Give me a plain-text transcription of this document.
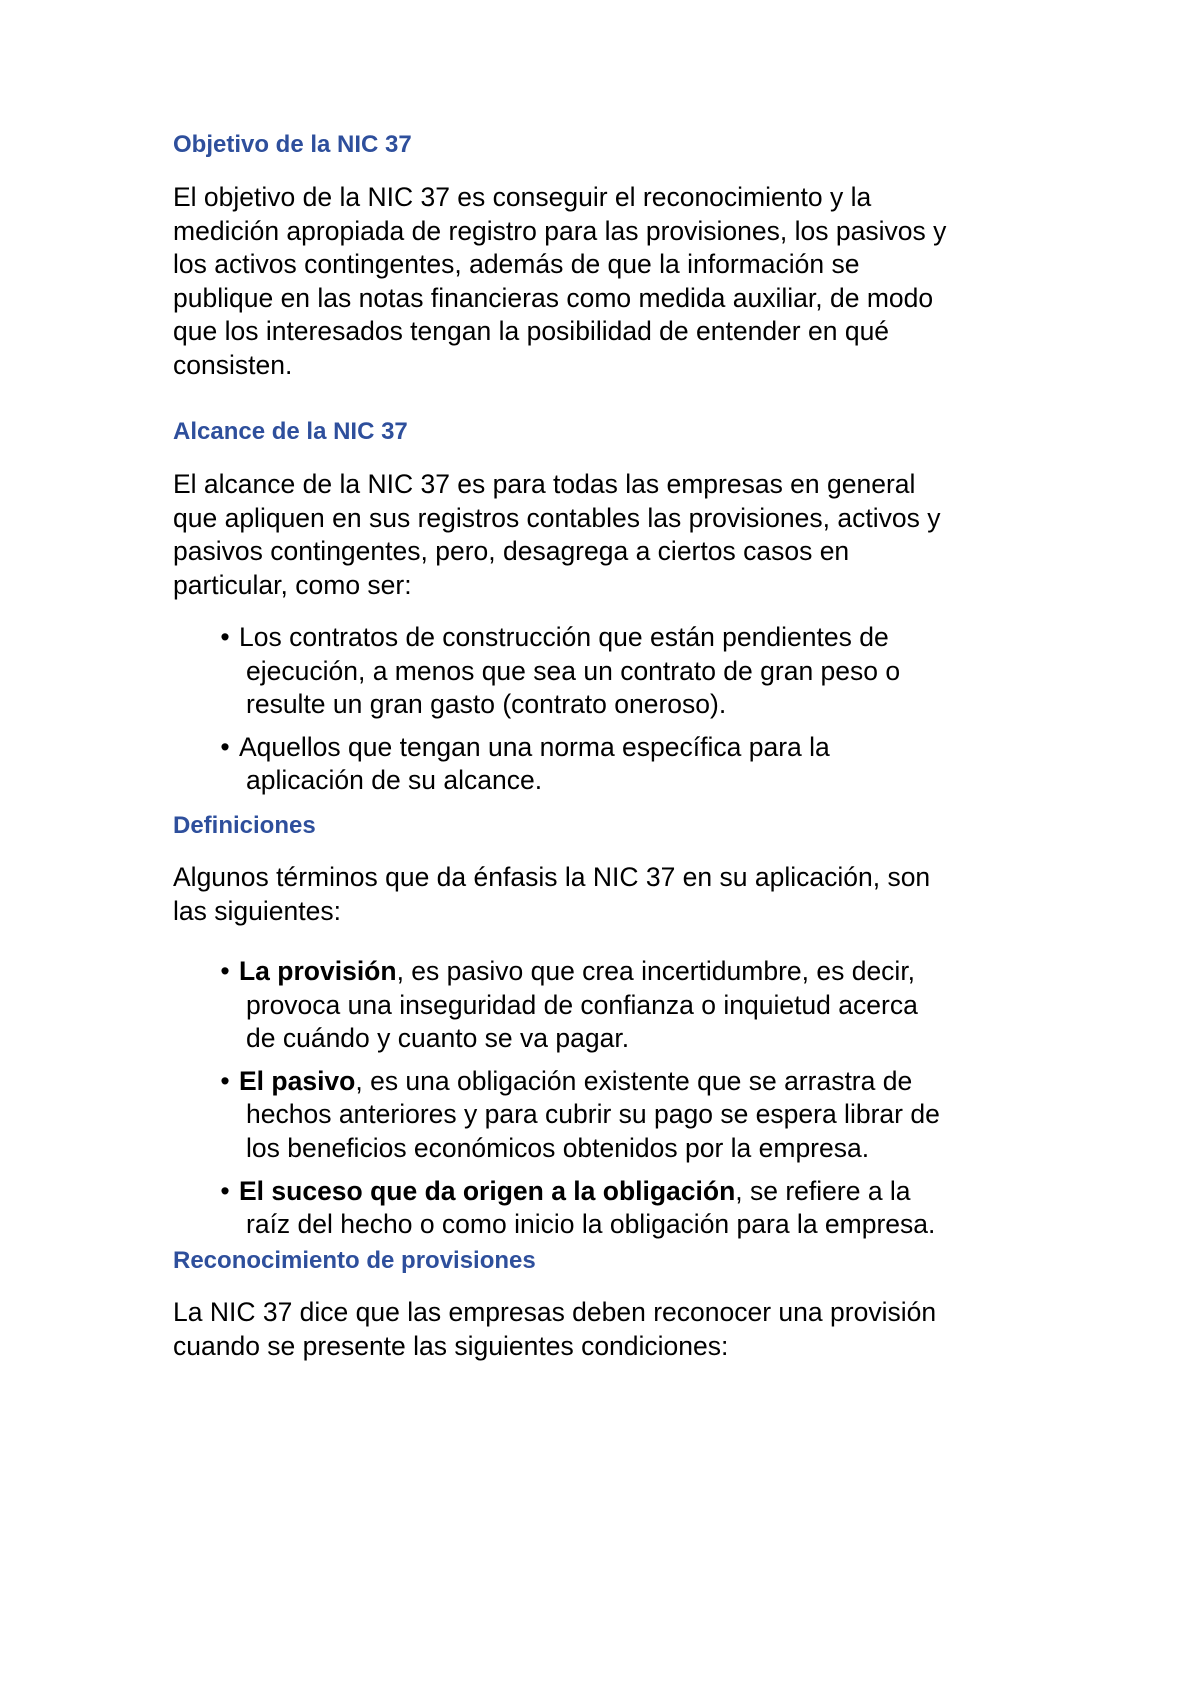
Objetivo de la NIC 37
El objetivo de la NIC 37 es conseguir el reconocimiento y la
medición apropiada de registro para las provisiones, los pasivos y
los activos contingentes, además de que la información se
publique en las notas financieras como medida auxiliar, de modo
que los interesados tengan la posibilidad de entender en qué
consisten.
Alcance de la NIC 37
El alcance de la NIC 37 es para todas las empresas en general
que apliquen en sus registros contables las provisiones, activos y
pasivos contingentes, pero, desagrega a ciertos casos en
particular, como ser:
• Los contratos de construcción que están pendientes de
ejecución, a menos que sea un contrato de gran peso o
resulte un gran gasto (contrato oneroso).
• Aquellos que tengan una norma específica para la
aplicación de su alcance.
Definiciones
Algunos términos que da énfasis la NIC 37 en su aplicación, son
las siguientes:
• La provisión, es pasivo que crea incertidumbre, es decir,
provoca una inseguridad de confianza o inquietud acerca
de cuándo y cuanto se va pagar.
• El pasivo, es una obligación existente que se arrastra de
hechos anteriores y para cubrir su pago se espera librar de
los beneficios económicos obtenidos por la empresa.
• El suceso que da origen a la obligación, se refiere a la
raíz del hecho o como inicio la obligación para la empresa.
Reconocimiento de provisiones
La NIC 37 dice que las empresas deben reconocer una provisión
cuando se presente las siguientes condiciones:
